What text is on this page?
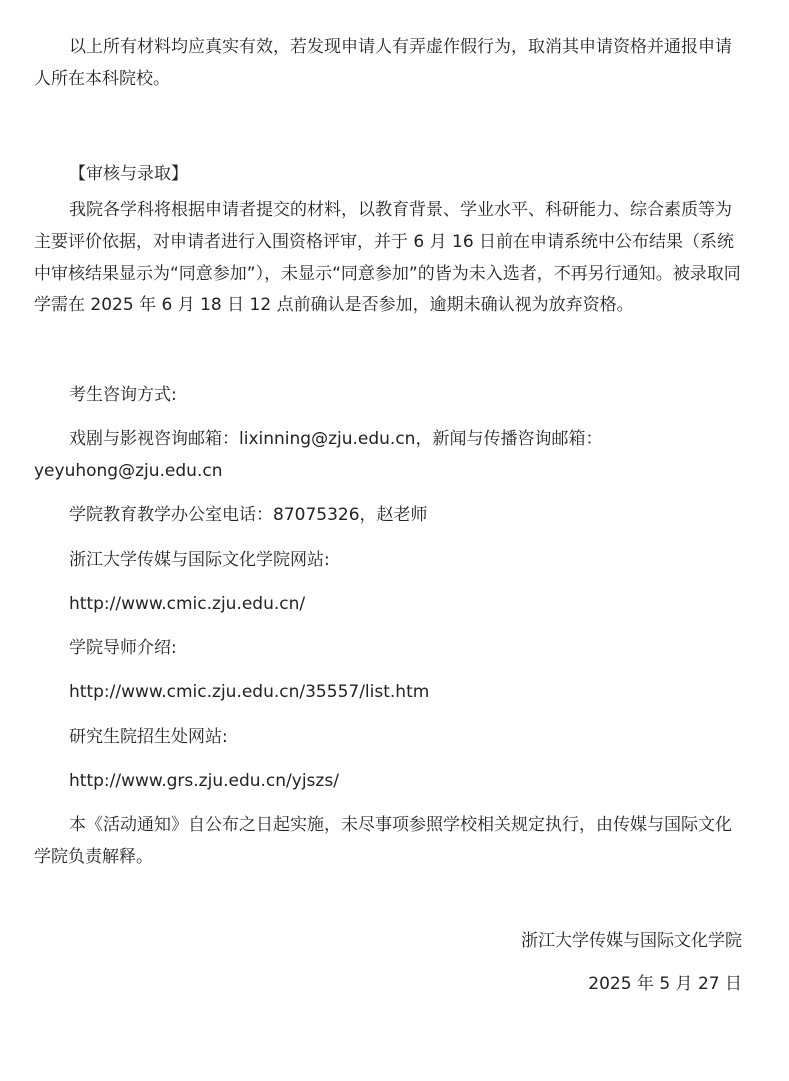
以上所有材料均应真实有效，若发现申请人有弄虚作假行为，取消其申请资格并通报申请人所在本科院校。
【审核与录取】
我院各学科将根据申请者提交的材料，以教育背景、学业水平、科研能力、综合素质等为主要评价依据，对申请者进行入围资格评审，并于 6 月 16 日前在申请系统中公布结果（系统中审核结果显示为“同意参加”），未显示“同意参加”的皆为未入选者，不再另行通知。被录取同学需在 2025 年 6 月 18 日 12 点前确认是否参加，逾期未确认视为放弃资格。
考生咨询方式:
戏剧与影视咨询邮箱：lixinning@zju.edu.cn，新闻与传播咨询邮箱：
yeyuhong@zju.edu.cn
学院教育教学办公室电话：87075326，赵老师
浙江大学传媒与国际文化学院网站:
http://www.cmic.zju.edu.cn/
学院导师介绍:
http://www.cmic.zju.edu.cn/35557/list.htm
研究生院招生处网站:
http://www.grs.zju.edu.cn/yjszs/
本《活动通知》自公布之日起实施，未尽事项参照学校相关规定执行，由传媒与国际文化学院负责解释。
浙江大学传媒与国际文化学院
2025 年 5 月 27 日
